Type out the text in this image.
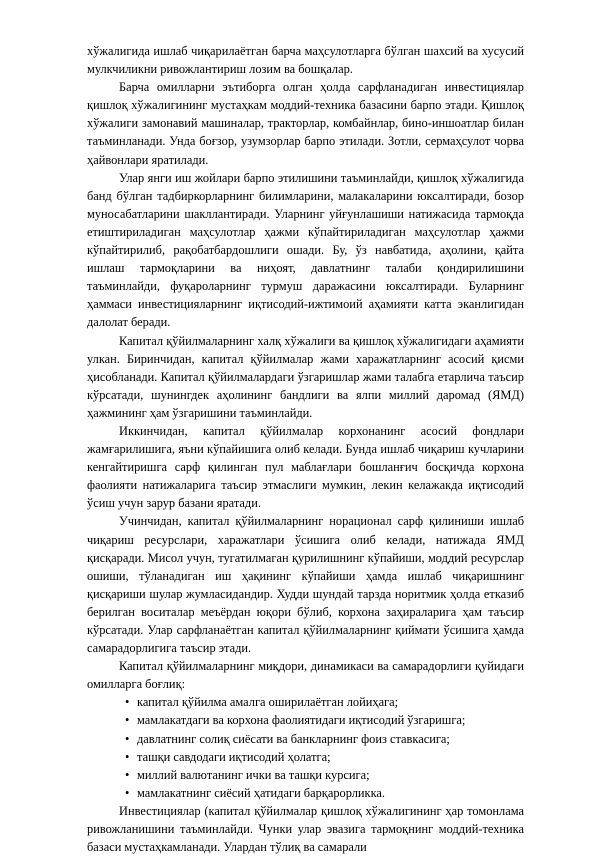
хўжалигида ишлаб чиқарилаётган барча маҳсулотларга бўлган шахсий ва хусусий мулкчиликни ривожлантириш лозим ва бошқалар.

Барча омилларни эътиборга олган ҳолда сарфланадиган инвестициялар қишлоқ хўжалигининг мустаҳкам моддий-техника базасини барпо этади. Қишлоқ хўжалиги замонавий машиналар, тракторлар, комбайнлар, бино-иншоатлар билан таъминланади. Унда боғзор, узумзорлар барпо этилади. Зотли, сермаҳсулот чорва ҳайвонлари яратилади.

Улар янги иш жойлари барпо этилишини таъминлайди, қишлоқ хўжалигида банд бўлган тадбиркорларнинг билимларини, малакаларини юксалтиради, бозор муносабатларини шакллантиради. Уларнинг уйғунлашиши натижасида тармоқда етиштириладиган маҳсулотлар ҳажми кўпайтириладиган маҳсулотлар ҳажми кўпайтирилиб, рақобатбардошлиги ошади. Бу, ўз навбатида, аҳолини, қайта ишлаш тармоқларини ва ниҳоят, давлатнинг талаби қондирилишини таъминлайди, фуқароларнинг турмуш даражасини юксалтиради. Буларнинг ҳаммаси инвестицияларнинг иқтисодий-ижтимоий аҳамияти катта эканлигидан далолат беради.

Капитал қўйилмаларнинг халқ хўжалиги ва қишлоқ хўжалигидаги аҳамияти улкан. Биринчидан, капитал қўйилмалар жами харажатларнинг асосий қисми ҳисобланади. Капитал қўйилмалардаги ўзгаришлар жами талабга етарлича таъсир кўрсатади, шунингдек аҳолининг бандлиги ва ялпи миллий даромад (ЯМД) ҳажмининг ҳам ўзгаришини таъминлайди.

Иккинчидан, капитал қўйилмалар корхонанинг асосий фондлари жамғарилишига, яъни кўпайишига олиб келади. Бунда ишлаб чиқариш кучларини кенгайтиришга сарф қилинган пул маблағлари бошланғич босқичда корхона фаолияти натижаларига таъсир этмаслиги мумкин, лекин келажакда иқтисодий ўсиш учун зарур базани яратади.

Учинчидан, капитал қўйилмаларнинг норационал сарф қилиниши ишлаб чиқариш ресурслари, харажатлари ўсишига олиб келади, натижада ЯМД қисқаради. Мисол учун, тугатилмаган қурилишнинг кўпайиши, моддий ресурслар ошиши, тўланадиган иш ҳақининг кўпайиши ҳамда ишлаб чиқаришнинг қисқариши шулар жумласидандир. Худди шундай тарзда норитмик ҳолда етказиб берилган воситалар меъёрдан юқори бўлиб, корхона заҳираларига ҳам таъсир кўрсатади. Улар сарфланаётган капитал қўйилмаларнинг қиймати ўсишига ҳамда самарадорлигига таъсир этади.

Капитал қўйилмаларнинг миқдори, динамикаси ва самарадорлиги қуйидаги омилларга боғлиқ:

• капитал қўйилма амалга оширилаётган лойиҳага;
• мамлакатдаги ва корхона фаолиятидаги иқтисодий ўзгаришга;
• давлатнинг солиқ сиёсати ва банкларнинг фоиз ставкасига;
• ташқи савдодаги иқтисодий ҳолатга;
• миллий валютанинг ички ва ташқи курсига;
• мамлакатнинг сиёсий ҳатидаги барқарорликка.

Инвестициялар (капитал қўйилмалар қишлоқ хўжалигининг ҳар томонлама ривожланишини таъминлайди. Чунки улар эвазига тармоқнинг моддий-техника базаси мустаҳкамланади. Улардан тўлиқ ва самарали
